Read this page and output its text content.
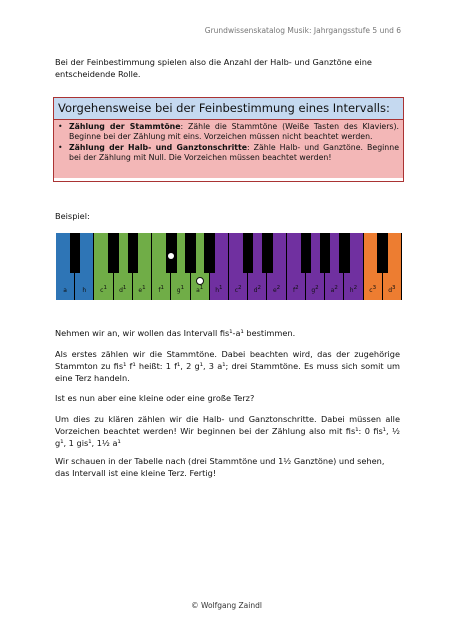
Grundwissenskatalog Musik: Jahrgangsstufe 5 und 6

Bei der Feinbestimmung spielen also die Anzahl der Halb- und Ganztöne eine entscheidende Rolle.

Vorgehensweise bei der Feinbestimmung eines Intervalls:
• Zählung der Stammtöne: Zähle die Stammtöne (Weiße Tasten des Klaviers). Beginne bei der Zählung mit eins. Vorzeichen müssen nicht beachtet werden.
• Zählung der Halb- und Ganztonschritte: Zähle Halb- und Ganztöne. Beginne bei der Zählung mit Null. Die Vorzeichen müssen beachtet werden!

Beispiel:

a	h	$c^1$	$d^1$	$e^1$	$f^1$	$g^1$	$a^1$	$h^1$	$c^2$	$d^2$	$e^2$	$f^2$	$g^2$	$a^2$	$h^2$	$c^3$	$d^3$

Nehmen wir an, wir wollen das Intervall fis¹-a¹ bestimmen.

Als erstes zählen wir die Stammtöne. Dabei beachten wird, das der zugehörige Stammton zu fis¹ f¹ heißt: 1 f¹, 2 g¹, 3 a¹; drei Stammtöne. Es muss sich somit um eine Terz handeln.

Ist es nun aber eine kleine oder eine große Terz?

Um dies zu klären zählen wir die Halb- und Ganztonschritte. Dabei müssen alle Vorzeichen beachtet werden! Wir beginnen bei der Zählung also mit fis¹: 0 fis¹, ½ g¹, 1 gis¹, 1½ a¹

Wir schauen in der Tabelle nach (drei Stammtöne und 1½ Ganztöne) und sehen, das Intervall ist eine kleine Terz. Fertig!

© Wolfgang Zaindl
